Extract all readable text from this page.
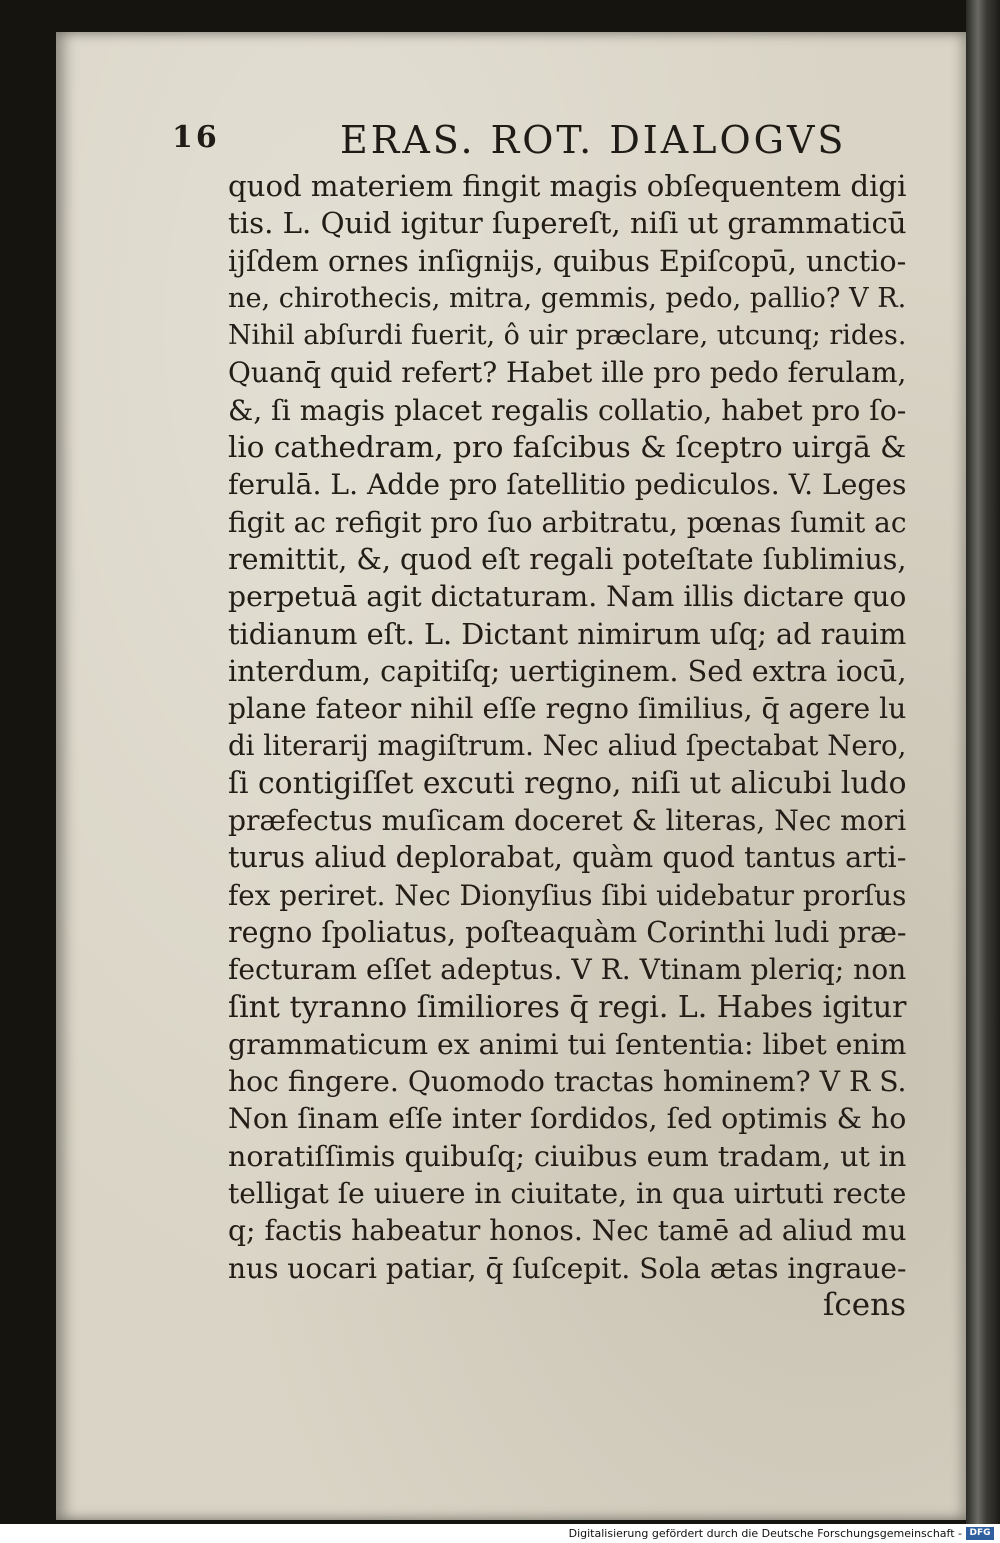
16	ERAS. ROT. DIALOGVS
quod materiem fingit magis obſequentem digi
tis. L. Quid igitur ſupereſt, niſi ut grammaticū
ijſdem ornes inſignijs, quibus Epiſcopū, unctio-
ne, chirothecis, mitra, gemmis, pedo, pallio? V R.
Nihil abſurdi fuerit, ô uir præclare, utcunq; rides.
Quanq̄ quid refert? Habet ille pro pedo ferulam,
&, ſi magis placet regalis collatio, habet pro ſo-
lio cathedram, pro faſcibus & ſceptro uirgā &
ferulā. L. Adde pro ſatellitio pediculos. V. Leges
figit ac refigit pro ſuo arbitratu, pœnas ſumit ac
remittit, &, quod eſt regali poteſtate ſublimius,
perpetuā agit dictaturam. Nam illis dictare quo
tidianum eſt. L. Dictant nimirum uſq; ad rauim
interdum, capitiſq; uertiginem. Sed extra iocū,
plane fateor nihil eſſe regno ſimilius, q̄ agere lu
di literarij magiſtrum. Nec aliud ſpectabat Nero,
ſi contigiſſet excuti regno, niſi ut alicubi ludo
præfectus muſicam doceret & literas, Nec mori
turus aliud deplorabat, quàm quod tantus arti-
fex periret. Nec Dionyſius ſibi uidebatur prorſus
regno ſpoliatus, poſteaquàm Corinthi ludi præ-
fecturam eſſet adeptus. V R. Vtinam pleriq; non
ſint tyranno ſimiliores q̄ regi. L. Habes igitur
grammaticum ex animi tui ſententia: libet enim
hoc fingere. Quomodo tractas hominem? V R S.
Non ſinam eſſe inter ſordidos, ſed optimis & ho
noratiſſimis quibuſq; ciuibus eum tradam, ut in
telligat ſe uiuere in ciuitate, in qua uirtuti recte
q; factis habeatur honos. Nec tamē ad aliud mu
nus uocari patiar, q̄ ſuſcepit. Sola ætas ingraue-
ſcens
Digitalisierung gefördert durch die Deutsche Forschungsgemeinschaft - DFG
